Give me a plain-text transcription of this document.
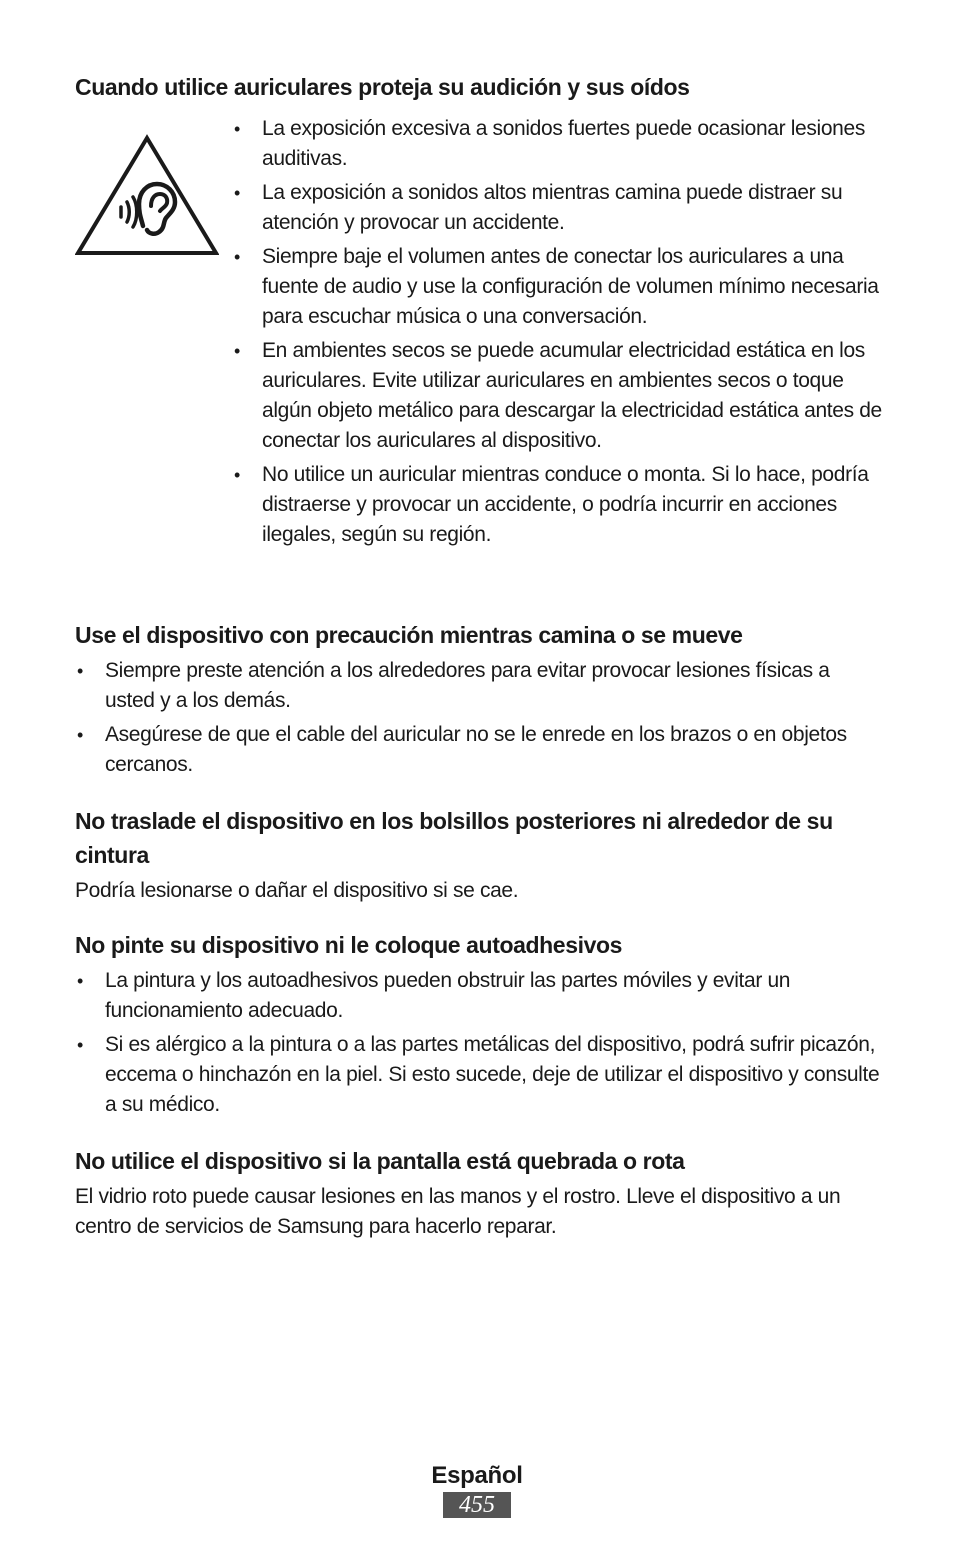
Cuando utilice auriculares proteja su audición y sus oídos
• La exposición excesiva a sonidos fuertes puede ocasionar lesiones auditivas.
• La exposición a sonidos altos mientras camina puede distraer su atención y provocar un accidente.
• Siempre baje el volumen antes de conectar los auriculares a una fuente de audio y use la configuración de volumen mínimo necesaria para escuchar música o una conversación.
• En ambientes secos se puede acumular electricidad estática en los auriculares. Evite utilizar auriculares en ambientes secos o toque algún objeto metálico para descargar la electricidad estática antes de conectar los auriculares al dispositivo.
• No utilice un auricular mientras conduce o monta. Si lo hace, podría distraerse y provocar un accidente, o podría incurrir en acciones ilegales, según su región.
Use el dispositivo con precaución mientras camina o se mueve
• Siempre preste atención a los alrededores para evitar provocar lesiones físicas a usted y a los demás.
• Asegúrese de que el cable del auricular no se le enrede en los brazos o en objetos cercanos.
No traslade el dispositivo en los bolsillos posteriores ni alrededor de su cintura

Podría lesionarse o dañar el dispositivo si se cae.

No pinte su dispositivo ni le coloque autoadhesivos
• La pintura y los autoadhesivos pueden obstruir las partes móviles y evitar un funcionamiento adecuado.
• Si es alérgico a la pintura o a las partes metálicas del dispositivo, podrá sufrir picazón, eccema o hinchazón en la piel. Si esto sucede, deje de utilizar el dispositivo y consulte a su médico.
No utilice el dispositivo si la pantalla está quebrada o rota

El vidrio roto puede causar lesiones en las manos y el rostro. Lleve el dispositivo a un centro de servicios de Samsung para hacerlo reparar.

Español
455
